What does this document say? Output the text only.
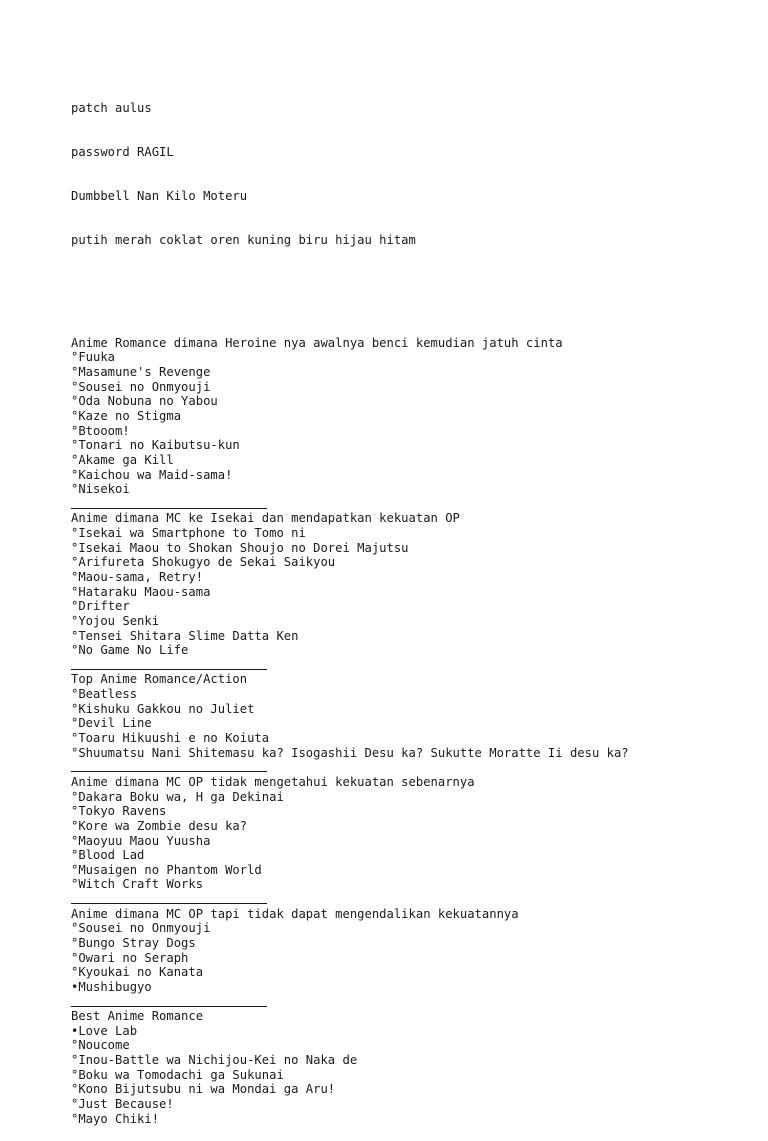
patch aulus

password RAGIL

Dumbbell Nan Kilo Moteru

putih merah coklat oren kuning biru hijau hitam

Anime Romance dimana Heroine nya awalnya benci kemudian jatuh cinta
°Fuuka
°Masamune's Revenge
°Sousei no Onmyouji
°Oda Nobuna no Yabou
°Kaze no Stigma
°Btooom!
°Tonari no Kaibutsu-kun
°Akame ga Kill
°Kaichou wa Maid-sama!
°Nisekoi
Anime dimana MC ke Isekai dan mendapatkan kekuatan OP
°Isekai wa Smartphone to Tomo ni
°Isekai Maou to Shokan Shoujo no Dorei Majutsu
°Arifureta Shokugyo de Sekai Saikyou
°Maou-sama, Retry!
°Hataraku Maou-sama
°Drifter
°Yojou Senki
°Tensei Shitara Slime Datta Ken
°No Game No Life
Top Anime Romance/Action
°Beatless
°Kishuku Gakkou no Juliet
°Devil Line
°Toaru Hikuushi e no Koiuta
°Shuumatsu Nani Shitemasu ka? Isogashii Desu ka? Sukutte Moratte Ii desu ka?
Anime dimana MC OP tidak mengetahui kekuatan sebenarnya
°Dakara Boku wa, H ga Dekinai
°Tokyo Ravens
°Kore wa Zombie desu ka?
°Maoyuu Maou Yuusha
°Blood Lad
°Musaigen no Phantom World
°Witch Craft Works
Anime dimana MC OP tapi tidak dapat mengendalikan kekuatannya
°Sousei no Onmyouji
°Bungo Stray Dogs
°Owari no Seraph
°Kyoukai no Kanata
•Mushibugyo
Best Anime Romance
•Love Lab
°Noucome
°Inou-Battle wa Nichijou-Kei no Naka de
°Boku wa Tomodachi ga Sukunai
°Kono Bijutsubu ni wa Mondai ga Aru!
°Just Because!
°Mayo Chiki!
